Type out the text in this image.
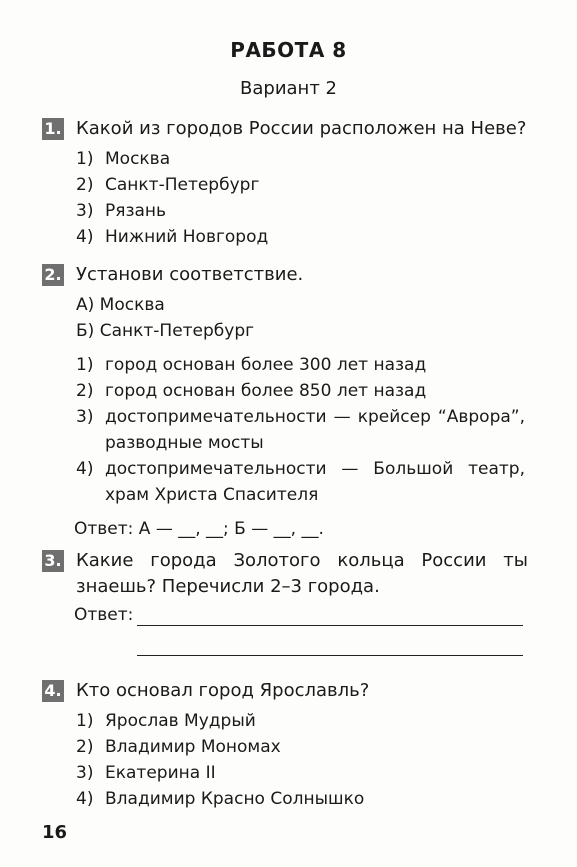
РАБОТА 8
Вариант 2
1. Какой из городов России расположен на Неве?
1) Москва
2) Санкт-Петербург
3) Рязань
4) Нижний Новгород
2. Установи соответствие.
А) Москва
Б) Санкт-Петербург
1) город основан более 300 лет назад
2) город основан более 850 лет назад
3) достопримечательности — крейсер “Аврора”, разводные мосты
4) достопримечательности — Большой театр, храм Христа Спасителя
Ответ: А — __, __; Б — __, __.
3. Какие города Золотого кольца России ты знаешь? Перечисли 2–3 города.
Ответ:
4. Кто основал город Ярославль?
1) Ярослав Мудрый
2) Владимир Мономах
3) Екатерина II
4) Владимир Красно Солнышко
16
